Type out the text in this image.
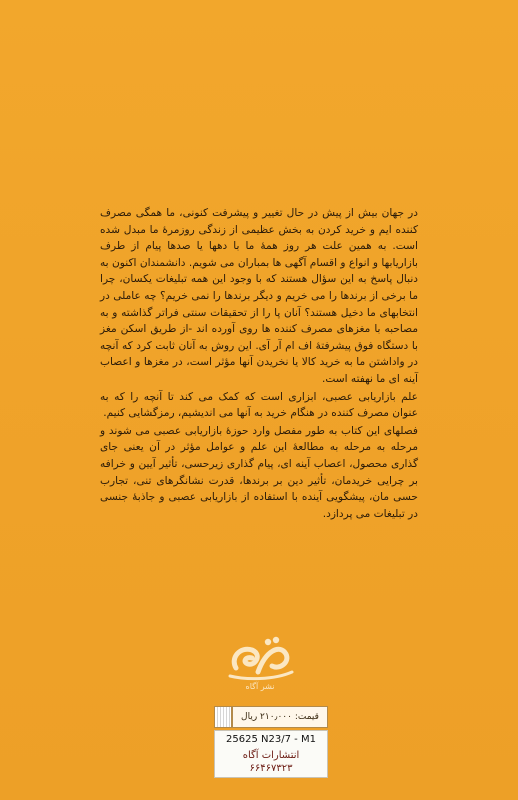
در جهان بیش از پیش در حال تغییر و پیشرفت کنونی، ما همگی مصرف کننده ایم و خرید کردن به بخش عظیمی از زندگی روزمرهٔ ما مبدل شده است. به همین علت هر روز همهٔ ما با دهها یا صدها پیام از طرف بازاریابها و انواع و اقسام آگهی ها بمباران می شویم. دانشمندان اکنون به دنبال پاسخ به این سؤال هستند که با وجود این همه تبلیغات یکسان، چرا ما برخی از برندها را می خریم و دیگر برندها را نمی خریم؟ چه عاملی در انتخابهای ما دخیل هستند؟ آنان پا را از تحقیقات سنتی فراتر گذاشته و به مصاحبه با مغزهای مصرف کننده ها روی آورده اند -از طریق اسکن مغز با دستگاه فوق پیشرفتهٔ اف ام آر آی. این روش به آنان ثابت کرد که آنچه در واداشتن ما به خرید کالا یا نخریدن آنها مؤثر است، در مغزها و اعصاب آینه ای ما نهفته است.

علم بازاریابی عصبی، ابزاری است که کمک می کند تا آنچه را که به عنوان مصرف کننده در هنگام خرید به آنها می اندیشیم، رمزگشایی کنیم.

فصلهای این کتاب به طور مفصل وارد حوزهٔ بازاریابی عصبی می شوند و مرحله به مرحله به مطالعهٔ این علم و عوامل مؤثر در آن یعنی جای گذاری محصول، اعصاب آینه ای، پیام گذاری زیرحسی، تأثیر آیین و خرافه بر چرایی خریدمان، تأثیر دین بر برندها، قدرت نشانگرهای تنی، تجارب حسی مان، پیشگویی آینده با استفاده از بازاریابی عصبی و جاذبهٔ جنسی در تبلیغات می پردازد.

نشر آگاه
قیمت: ۲۱۰٫۰۰۰ ریال
25625 N23/7 - M1
انتشارات آگاه
۶۶۴۶۷۳۲۳
